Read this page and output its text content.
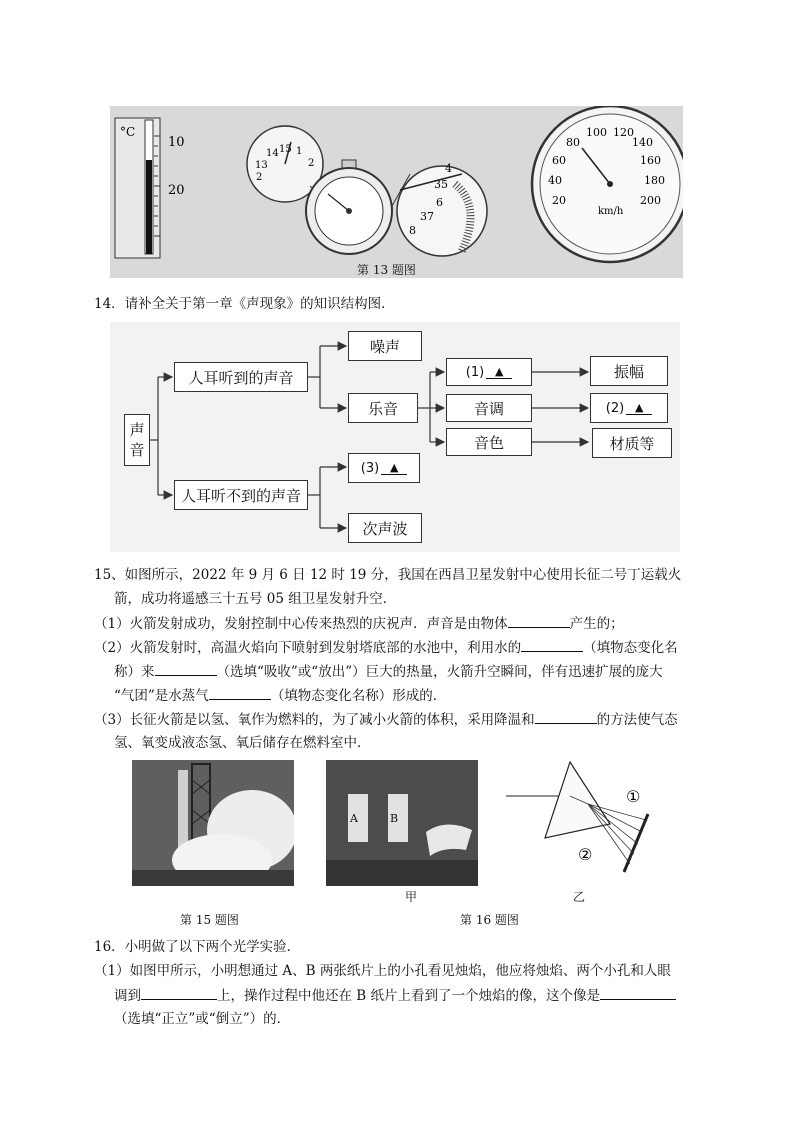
°C
10
20
13
14 15 1
2
2
4
35
6
37
8
20
40
60
80
100 120
140
160
180
200
km/h
第 13 题图
14．请补全关于第一章《声现象》的知识结构图．
声
音
人耳听到的声音
人耳听不到的声音
噪声
乐音
(1) ▲
音调
音色
振幅
(2) ▲
材质等
(3) ▲
次声波
15、如图所示，2022 年 9 月 6 日 12 时 19 分，我国在西昌卫星发射中心使用长征二号丁运载火
箭，成功将遥感三十五号 05 组卫星发射升空．
（1）火箭发射成功，发射控制中心传来热烈的庆祝声．声音是由物体	产生的；
（2）火箭发射时，高温火焰向下喷射到发射塔底部的水池中，利用水的	（填物态变化名
称）来	（选填“吸收”或“放出”）巨大的热量，火箭升空瞬间，伴有迅速扩展的庞大
“气团”是水蒸气	（填物态变化名称）形成的．
（3）长征火箭是以氢、氧作为燃料的，为了减小火箭的体积，采用降温和	的方法使气态
氢、氧变成液态氢、氧后储存在燃料室中．
A	B
①
②
甲	乙
第 15 题图	第 16 题图
16．小明做了以下两个光学实验．
（1）如图甲所示，小明想通过 A、B 两张纸片上的小孔看见烛焰，他应将烛焰、两个小孔和人眼
调到	上，操作过程中他还在 B 纸片上看到了一个烛焰的像，这个像是
（选填“正立”或“倒立”）的．
